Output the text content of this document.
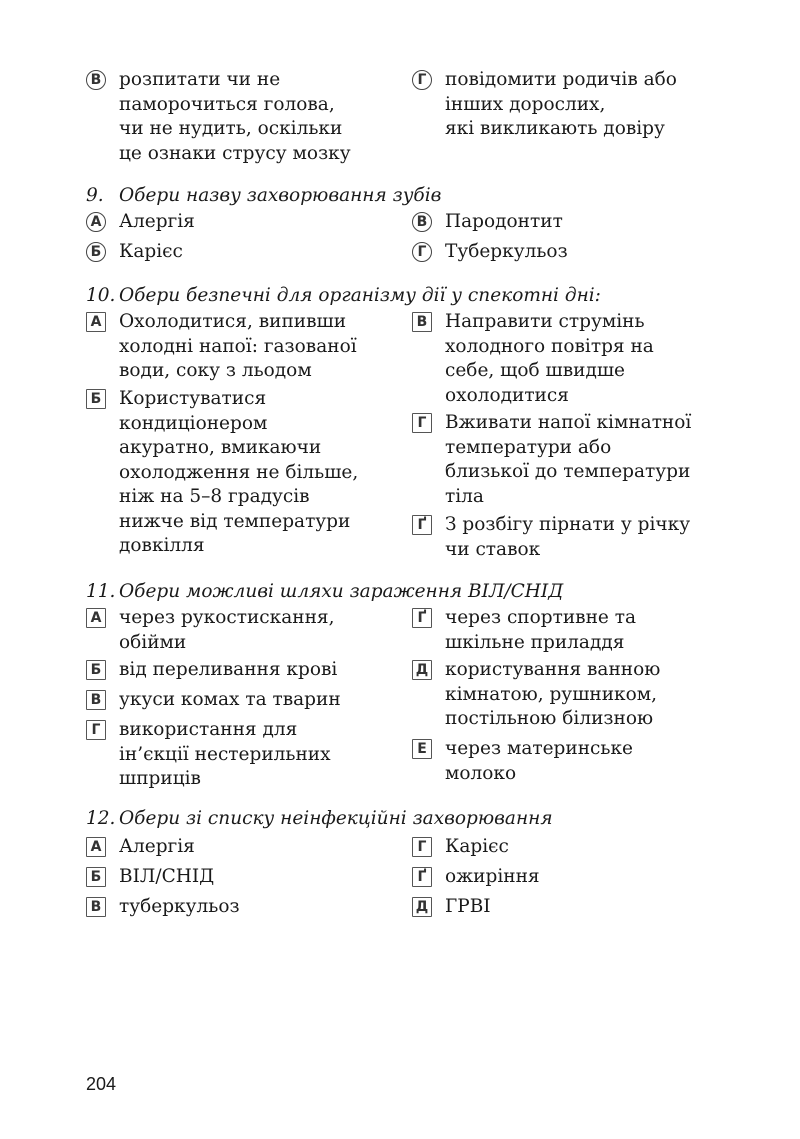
В розпитати чи не
паморочиться голова,
чи не нудить, оскільки
це ознаки струсу мозку
Г повідомити родичів або
інших дорослих,
які викликають довіру
9. Обери назву захворювання зубів
А Алергія
Б Карієс
В Пародонтит
Г Туберкульоз
10. Обери безпечні для організму дії у спекотні дні:
А Охолодитися, випивши
холодні напої: газованої
води, соку з льодом
Б Користуватися
кондиціонером
акуратно, вмикаючи
охолодження не більше,
ніж на 5–8 градусів
нижче від температури
довкілля
В Направити струмінь
холодного повітря на
себе, щоб швидше
охолодитися
Г Вживати напої кімнатної
температури або
близької до температури
тіла
Ґ З розбігу пірнати у річку
чи ставок
11. Обери можливі шляхи зараження ВІЛ/СНІД
А через рукостискання,
обійми
Б від переливання крові
В укуси комах та тварин
Г використання для
ін’єкції нестерильних
шприців
Ґ через спортивне та
шкільне приладдя
Д користування ванною
кімнатою, рушником,
постільною білизною
Е через материнське
молоко
12. Обери зі списку неінфекційні захворювання
А Алергія
Б ВІЛ/СНІД
В туберкульоз
Г Карієс
Ґ ожиріння
Д ГРВІ
204
